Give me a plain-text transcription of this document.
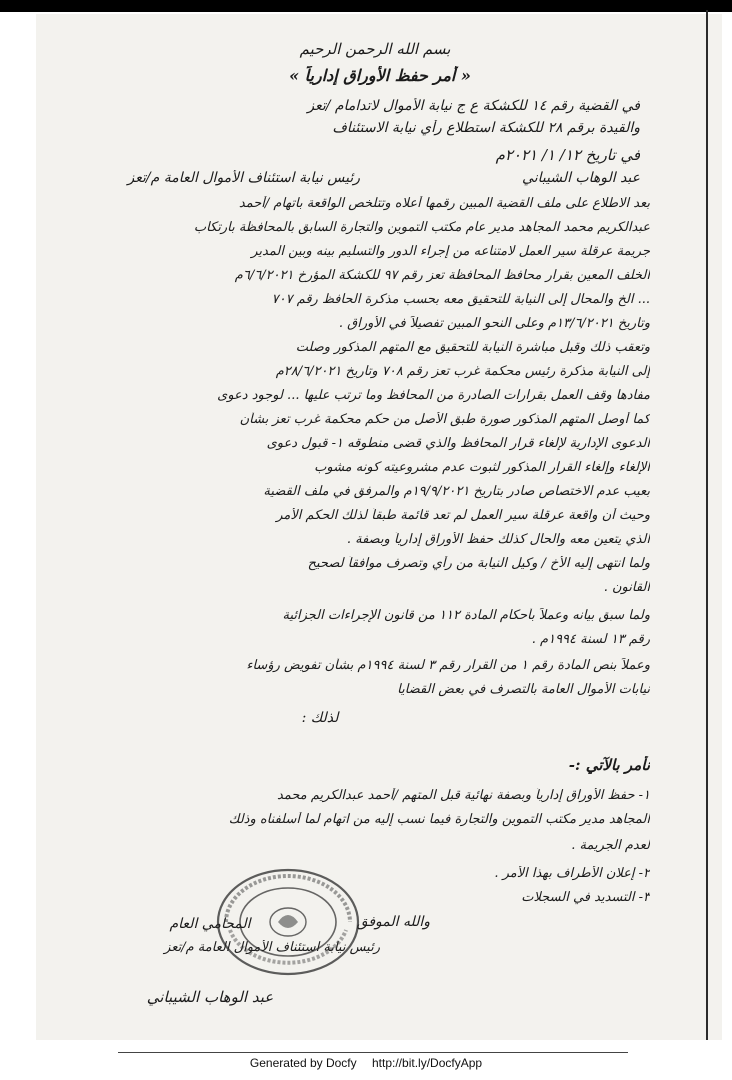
بسم الله الرحمن الرحيم
« أمر حفظ الأوراق إدارياً »
في القضية رقم ١٤ للكشكة ع ج نيابة الأموال لاتدامام /تعز
والقيدة برقم ٢٨ للكشكة استطلاع رأي نيابة الاستئناف
في تاريخ ١٢/ ١/ ٢٠٢١م
رئيس نيابة استئناف الأموال العامة م/تعز	عبد الوهاب الشيباني
بعد الاطلاع على ملف القضية المبين رقمها أعلاه وتتلخص الواقعة باتهام /أحمد
عبدالكريم محمد المجاهد مدير عام مكتب التموين والتجارة السابق بالمحافظة بارتكاب
جريمة عرقلة سير العمل لامتناعه من إجراء الدور والتسليم بينه وبين المدير
الخلف المعين بقرار محافظ المحافظة تعز رقم ٩٧ للكشكة المؤرخ ٦/٦/٢٠٢١م
... الخ والمحال إلى النيابة للتحقيق معه بحسب مذكرة الحافظ رقم ٧٠٧
وتاريخ ١٣/٦/٢٠٢١م وعلى النحو المبين تفصيلاً في الأوراق .
وتعقب ذلك وقبل مباشرة النيابة للتحقيق مع المتهم المذكور وصلت
إلى النيابة مذكرة رئيس محكمة غرب تعز رقم ٧٠٨ وتاريخ ٢٨/٦/٢٠٢١م
مفادها وقف العمل بقرارات الصادرة من المحافظ وما ترتب عليها ... لوجود دعوى
كما أوصل المتهم المذكور صورة طبق الأصل من حكم محكمة غرب تعز بشأن
الدعوى الإدارية لإلغاء قرار المحافظ والذي قضى منطوقه ١- قبول دعوى
الإلغاء وإلغاء القرار المذكور لثبوت عدم مشروعيته كونه مشوب
بعيب عدم الاختصاص صادر بتاريخ ١٩/٩/٢٠٢١م والمرفق في ملف القضية
وحيث أن واقعة عرقلة سير العمل لم تعد قائمة طبقاً لذلك الحكم الأمر
الذي يتعين معه والحال كذلك حفظ الأوراق إدارياً وبصفة .
ولما انتهى إليه الأخ / وكيل النيابة من رأي وتصرف موافقاً لصحيح
القانون .
ولما سبق بيانه وعملاً بأحكام المادة ١١٢ من قانون الإجراءات الجزائية
رقم ١٣ لسنة ١٩٩٤م .
وعملاً بنص المادة رقم ١ من القرار رقم ٣ لسنة ١٩٩٤م بشأن تفويض رؤساء
نيابات الأموال العامة بالتصرف في بعض القضايا
لذلك :
نأمر بالآتي :-
١- حفظ الأوراق إدارياً وبصفة نهائية قبل المتهم /أحمد عبدالكريم محمد
المجاهد مدير مكتب التموين والتجارة فيما نسب إليه من اتهام لما أسلفناه وذلك
لعدم الجريمة .
٢- إعلان الأطراف بهذا الأمر .
٣- التسديد في السجلات
والله الموفق
المحامي العام
رئيس نيابة استئناف الأموال العامة م/تعز
عبد الوهاب الشيباني
Generated by Docfy http://bit.ly/DocfyApp
